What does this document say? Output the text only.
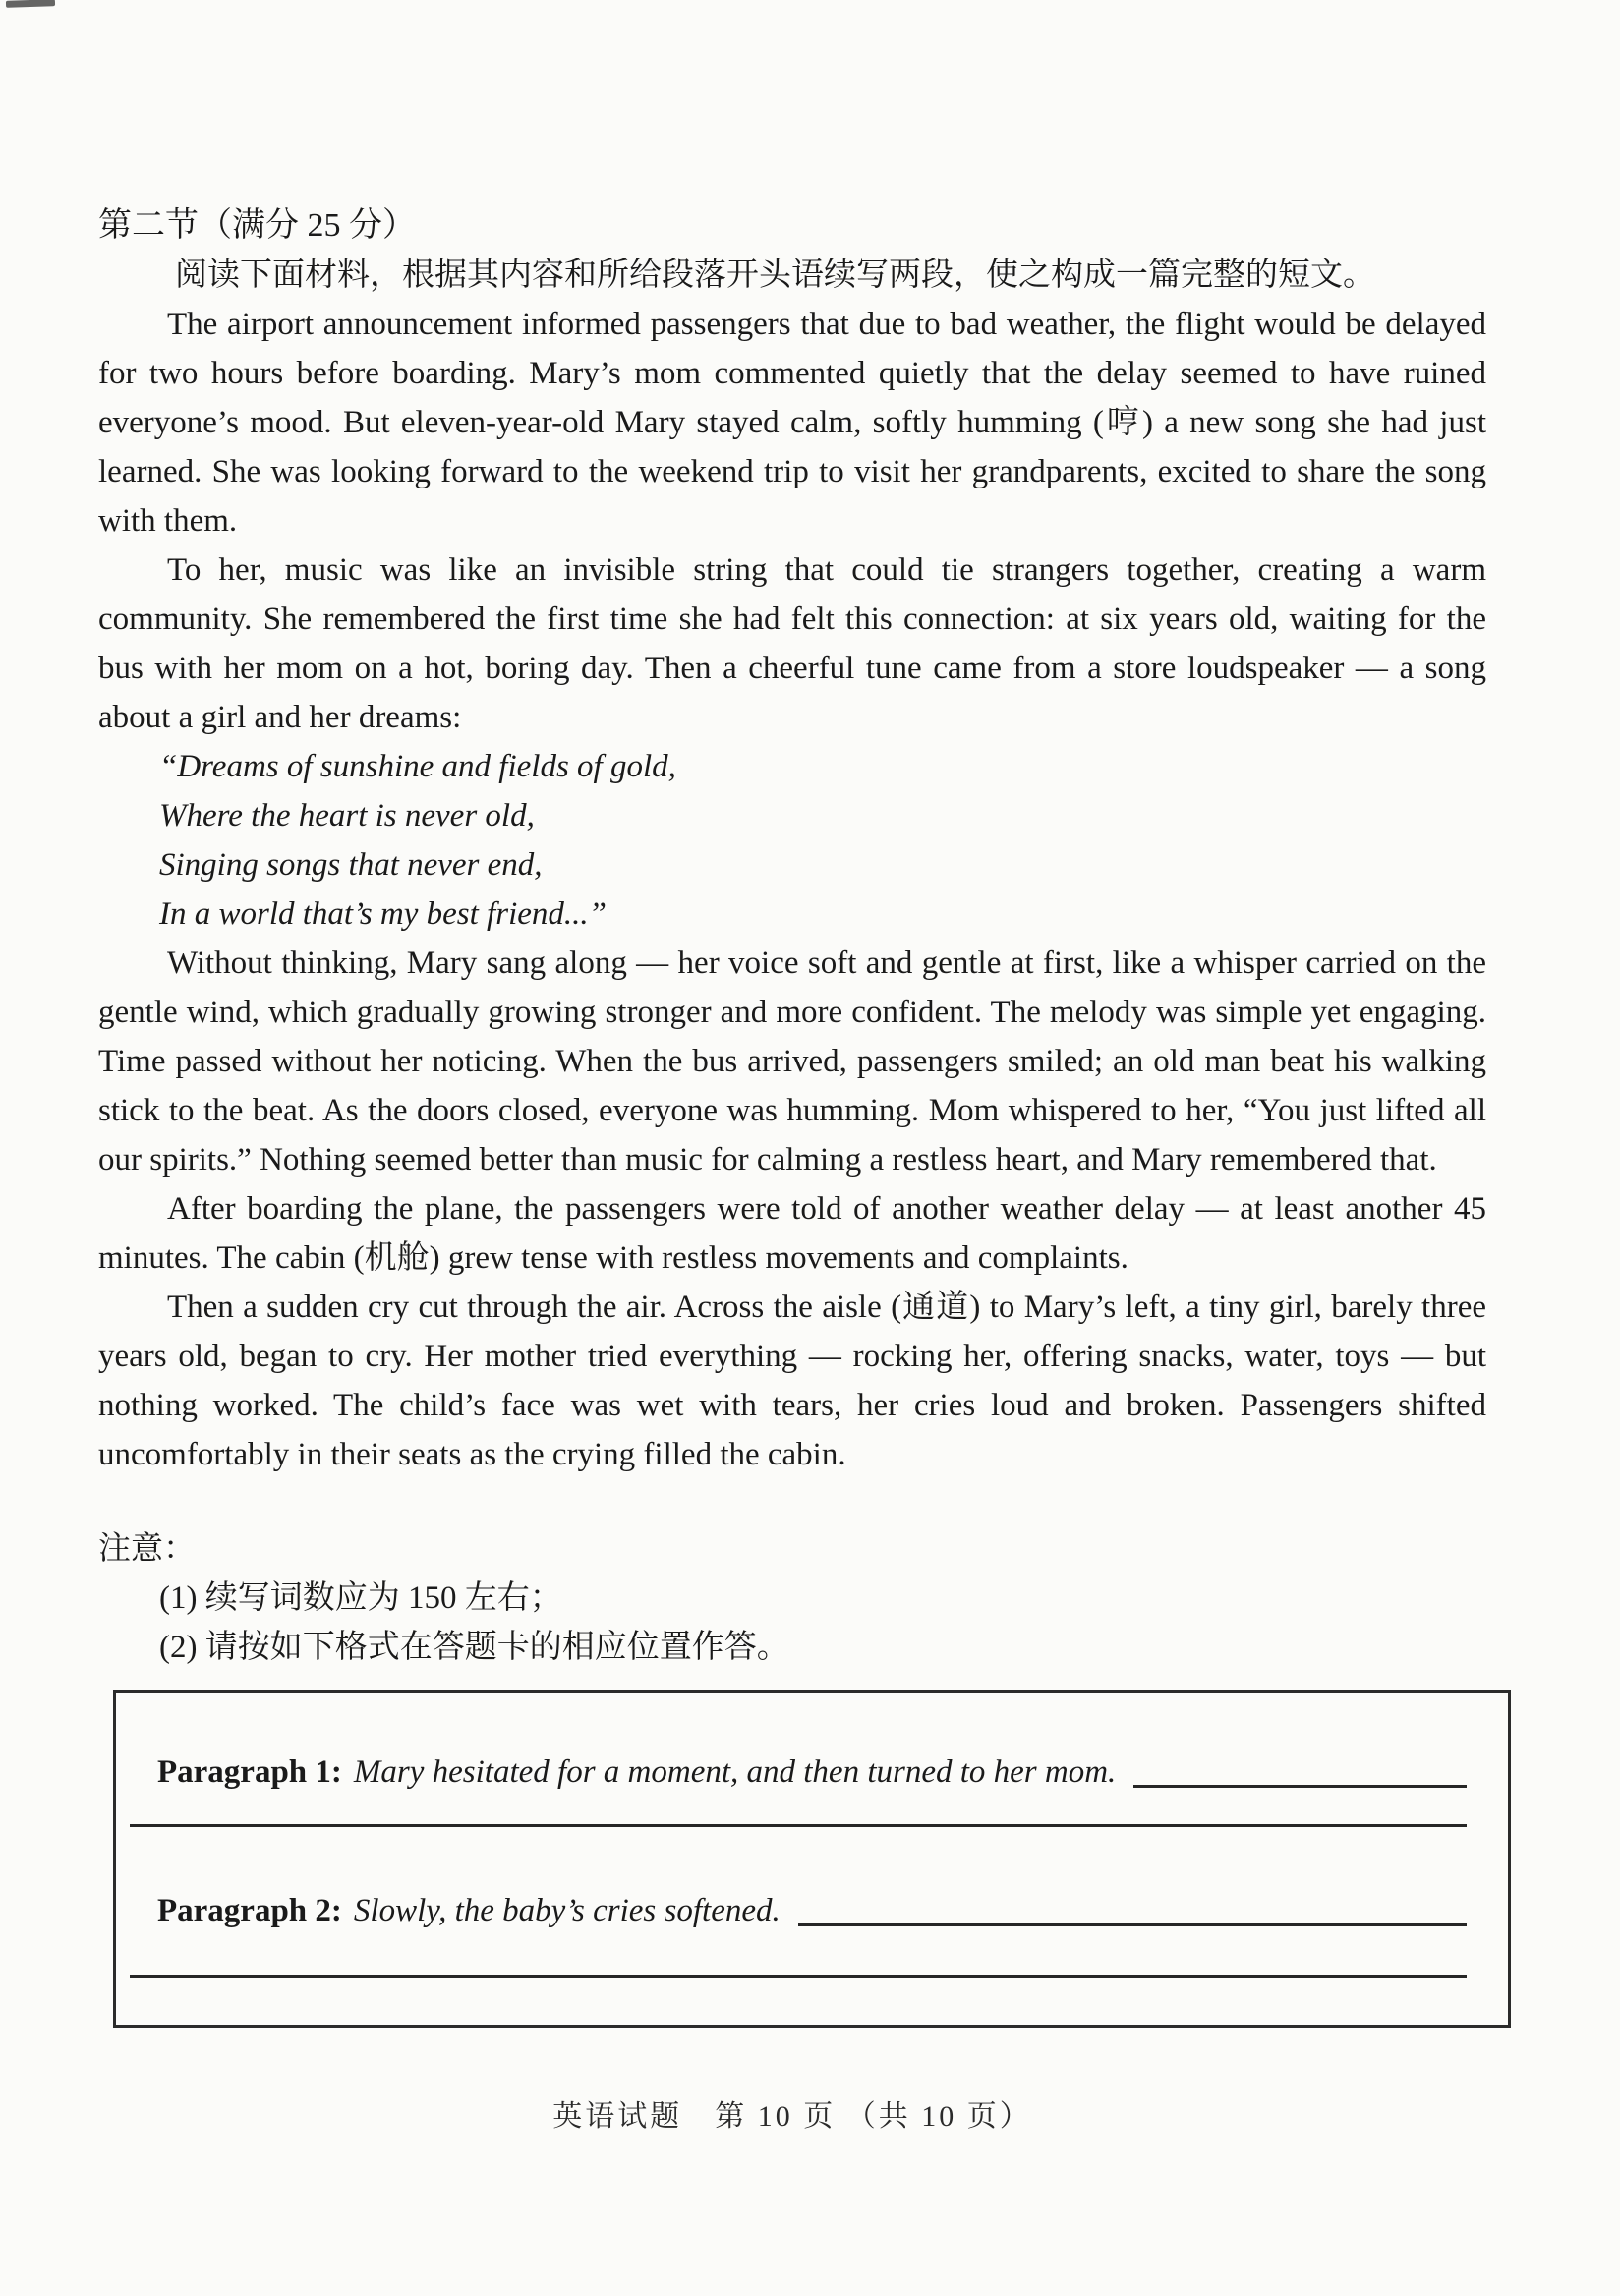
第二节（满分 25 分）
阅读下面材料，根据其内容和所给段落开头语续写两段，使之构成一篇完整的短文。

The airport announcement informed passengers that due to bad weather, the flight would be delayed for two hours before boarding. Mary’s mom commented quietly that the delay seemed to have ruined everyone’s mood. But eleven-year-old Mary stayed calm, softly humming (哼) a new song she had just learned. She was looking forward to the weekend trip to visit her grandparents, excited to share the song with them.

To her, music was like an invisible string that could tie strangers together, creating a warm community. She remembered the first time she had felt this connection: at six years old, waiting for the bus with her mom on a hot, boring day. Then a cheerful tune came from a store loudspeaker — a song about a girl and her dreams:

“Dreams of sunshine and fields of gold,
Where the heart is never old,
Singing songs that never end,
In a world that’s my best friend...”

Without thinking, Mary sang along — her voice soft and gentle at first, like a whisper carried on the gentle wind, which gradually growing stronger and more confident. The melody was simple yet engaging. Time passed without her noticing. When the bus arrived, passengers smiled; an old man beat his walking stick to the beat. As the doors closed, everyone was humming. Mom whispered to her, “You just lifted all our spirits.” Nothing seemed better than music for calming a restless heart, and Mary remembered that.

After boarding the plane, the passengers were told of another weather delay — at least another 45 minutes. The cabin (机舱) grew tense with restless movements and complaints.

Then a sudden cry cut through the air. Across the aisle (通道) to Mary’s left, a tiny girl, barely three years old, began to cry. Her mother tried everything — rocking her, offering snacks, water, toys — but nothing worked. The child’s face was wet with tears, her cries loud and broken. Passengers shifted uncomfortably in their seats as the crying filled the cabin.

注意：
(1) 续写词数应为 150 左右；
(2) 请按如下格式在答题卡的相应位置作答。
Paragraph 1: Mary hesitated for a moment, and then turned to her mom.
Paragraph 2: Slowly, the baby’s cries softened.
英语试题　第 10 页 （共 10 页）
